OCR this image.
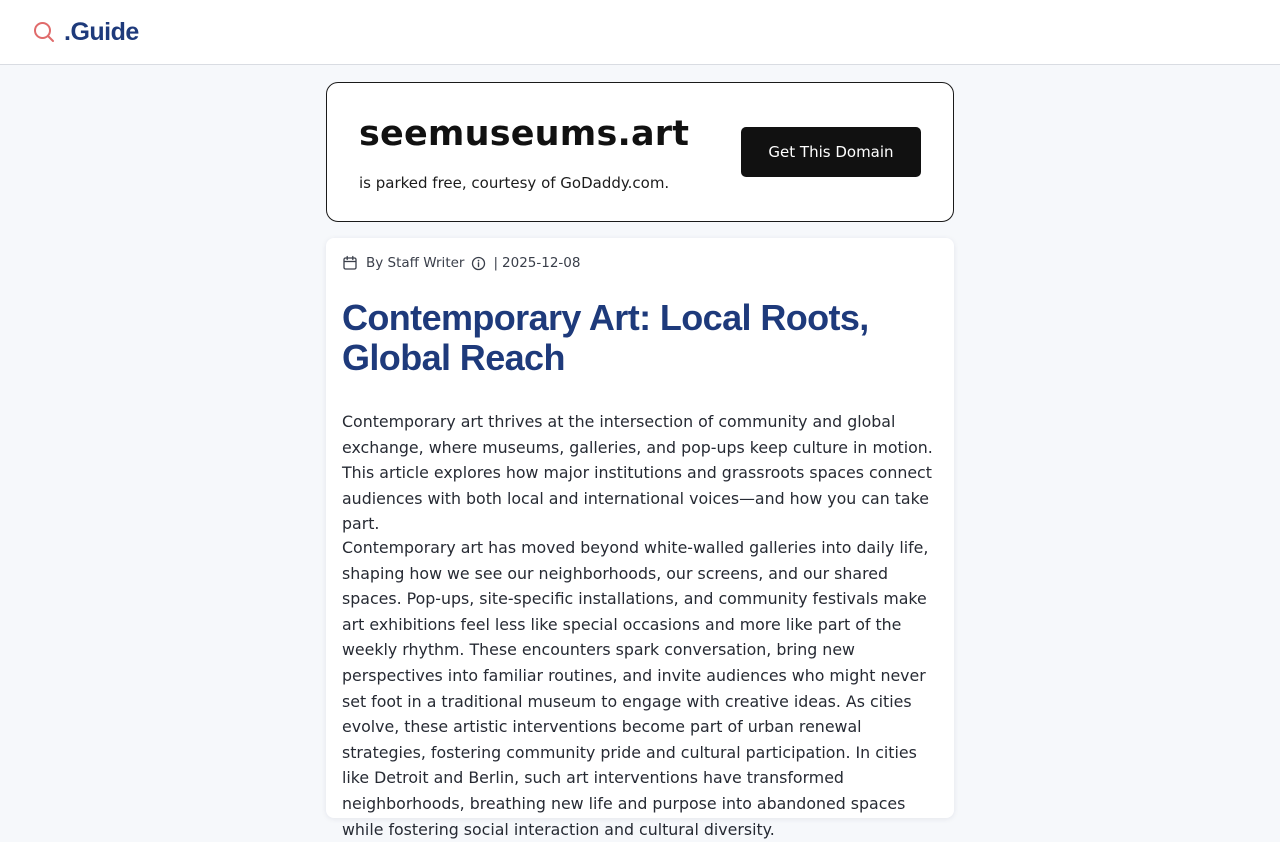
.Guide
seemuseums.art
is parked free, courtesy of GoDaddy.com.
Get This Domain
By Staff Writer | 2025-12-08
Contemporary Art: Local Roots, Global Reach

Contemporary art thrives at the intersection of community and global exchange, where museums, galleries, and pop-ups keep culture in motion. This article explores how major institutions and grassroots spaces connect audiences with both local and international voices—and how you can take part.

Contemporary art has moved beyond white-walled galleries into daily life, shaping how we see our neighborhoods, our screens, and our shared spaces. Pop-ups, site-specific installations, and community festivals make art exhibitions feel less like special occasions and more like part of the weekly rhythm. These encounters spark conversation, bring new perspectives into familiar routines, and invite audiences who might never set foot in a traditional museum to engage with creative ideas. As cities evolve, these artistic interventions become part of urban renewal strategies, fostering community pride and cultural participation. In cities like Detroit and Berlin, such art interventions have transformed neighborhoods, breathing new life and purpose into abandoned spaces while fostering social interaction and cultural diversity.
